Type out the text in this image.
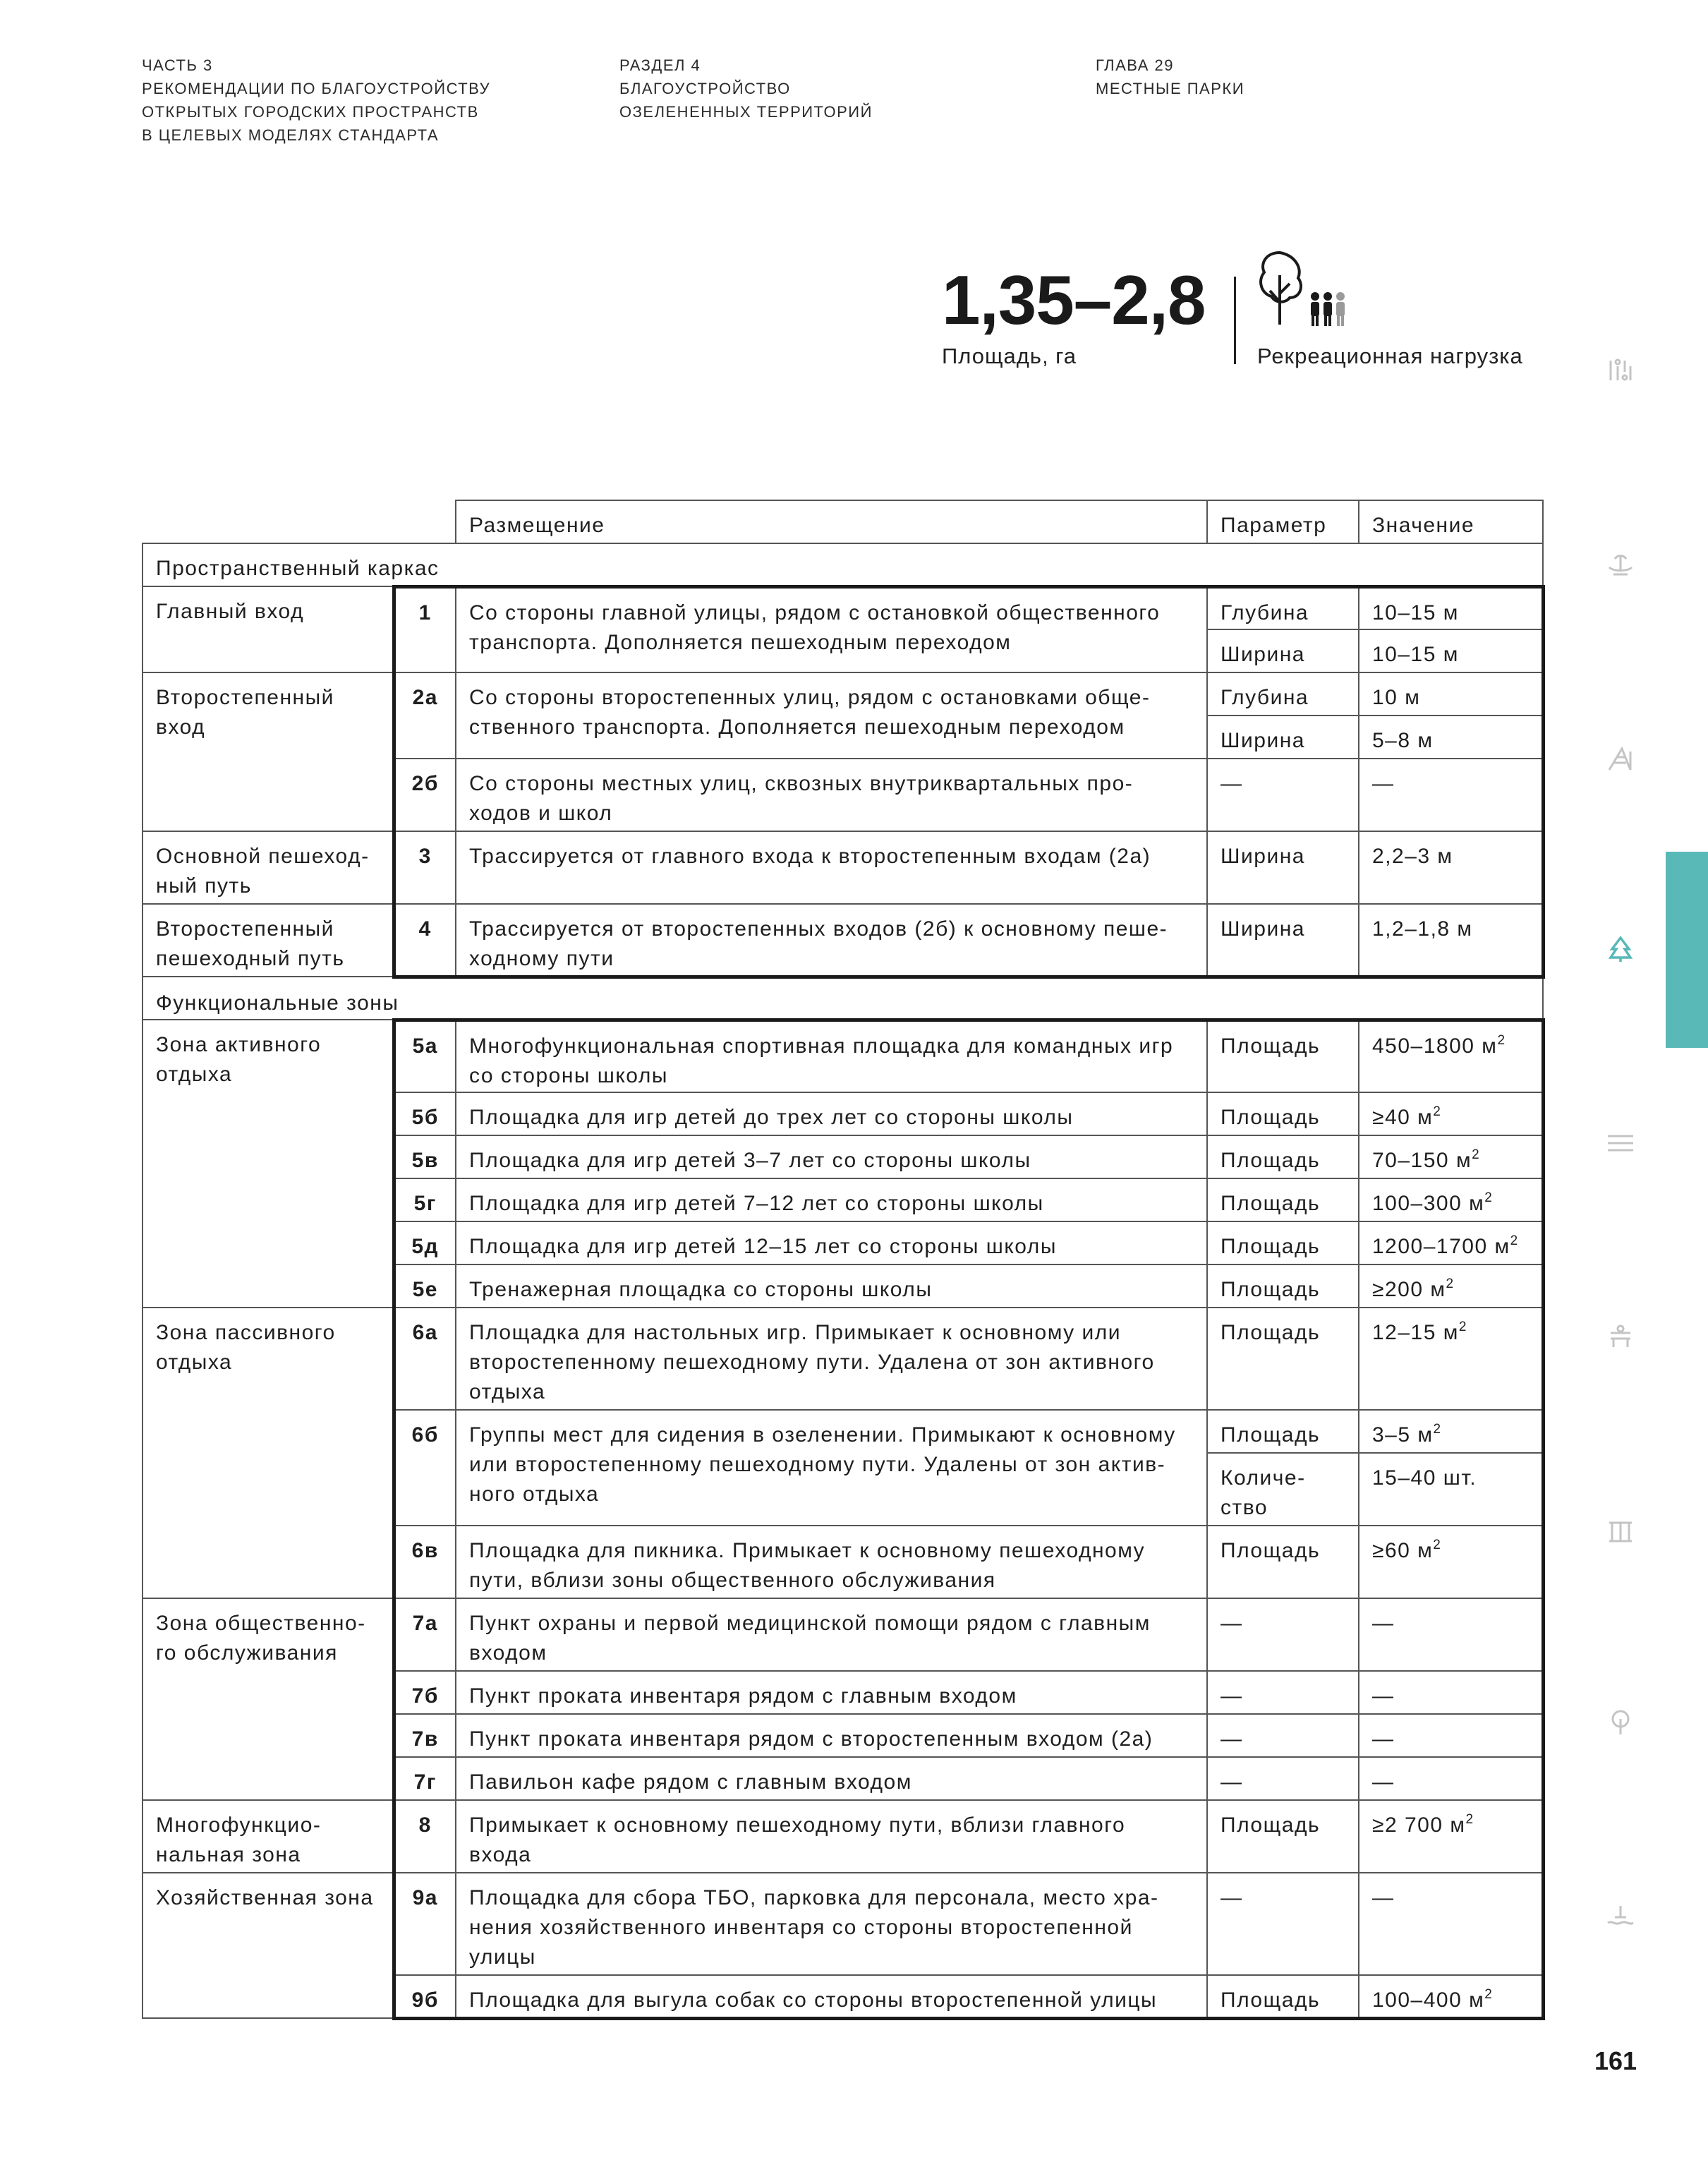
ЧАСТЬ 3
РЕКОМЕНДАЦИИ ПО БЛАГОУСТРОЙСТВУ
ОТКРЫТЫХ ГОРОДСКИХ ПРОСТРАНСТВ
В ЦЕЛЕВЫХ МОДЕЛЯХ СТАНДАРТА
РАЗДЕЛ 4
БЛАГОУСТРОЙСТВО
ОЗЕЛЕНЕННЫХ ТЕРРИТОРИЙ
ГЛАВА 29
МЕСТНЫЕ ПАРКИ
1,35–2,8
Площадь, га	Рекреационная нагрузка
		Размещение	Параметр	Значение
Пространственный каркас				
Главный вход	1	Со стороны главной улицы, рядом с остановкой общественного транспорта. Дополняется пешеходным переходом	Глубина	10–15 м
			Ширина	10–15 м
Второстепенный вход	2а	Со стороны второстепенных улиц, рядом с остановками обще-ственного транспорта. Дополняется пешеходным переходом	Глубина	10 м
			Ширина	5–8 м
	2б	Со стороны местных улиц, сквозных внутриквартальных про-ходов и школ	—	—
Основной пешеход-ный путь	3	Трассируется от главного входа к второстепенным входам (2а)	Ширина	2,2–3 м
Второстепенный пешеходный путь	4	Трассируется от второстепенных входов (2б) к основному пеше-ходному пути	Ширина	1,2–1,8 м
Функциональные зоны				
Зона активного отдыха	5а	Многофункциональная спортивная площадка для командных игр со стороны школы	Площадь	450–1800 $м^2$
	5б	Площадка для игр детей до трех лет со стороны школы	Площадь	≥40 $м^2$
	5в	Площадка для игр детей 3–7 лет со стороны школы	Площадь	70–150 $м^2$
	5г	Площадка для игр детей 7–12 лет со стороны школы	Площадь	100–300 $м^2$
	5д	Площадка для игр детей 12–15 лет со стороны школы	Площадь	1200–1700 $м^2$
	5е	Тренажерная площадка со стороны школы	Площадь	≥200 $м^2$
Зона пассивного отдыха	6а	Площадка для настольных игр. Примыкает к основному или второстепенному пешеходному пути. Удалена от зон активного отдыха	Площадь	12–15 $м^2$
	6б	Группы мест для сидения в озеленении. Примыкают к основному или второстепенному пешеходному пути. Удалены от зон актив-ного отдыха	Площадь	3–5 $м^2$
			Количе-ство	15–40 шт.
	6в	Площадка для пикника. Примыкает к основному пешеходному пути, вблизи зоны общественного обслуживания	Площадь	≥60 $м^2$
Зона общественно-го обслуживания	7а	Пункт охраны и первой медицинской помощи рядом с главным входом	—	—
	7б	Пункт проката инвентаря рядом с главным входом	—	—
	7в	Пункт проката инвентаря рядом с второстепенным входом (2а)	—	—
	7г	Павильон кафе рядом с главным входом	—	—
Многофункцио-нальная зона	8	Примыкает к основному пешеходному пути, вблизи главного входа	Площадь	≥2 700 $м^2$
Хозяйственная зона	9а	Площадка для сбора ТБО, парковка для персонала, место хра-нения хозяйственного инвентаря со стороны второстепенной улицы	—	—
	9б	Площадка для выгула собак со стороны второстепенной улицы	Площадь	100–400 $м^2$
161
